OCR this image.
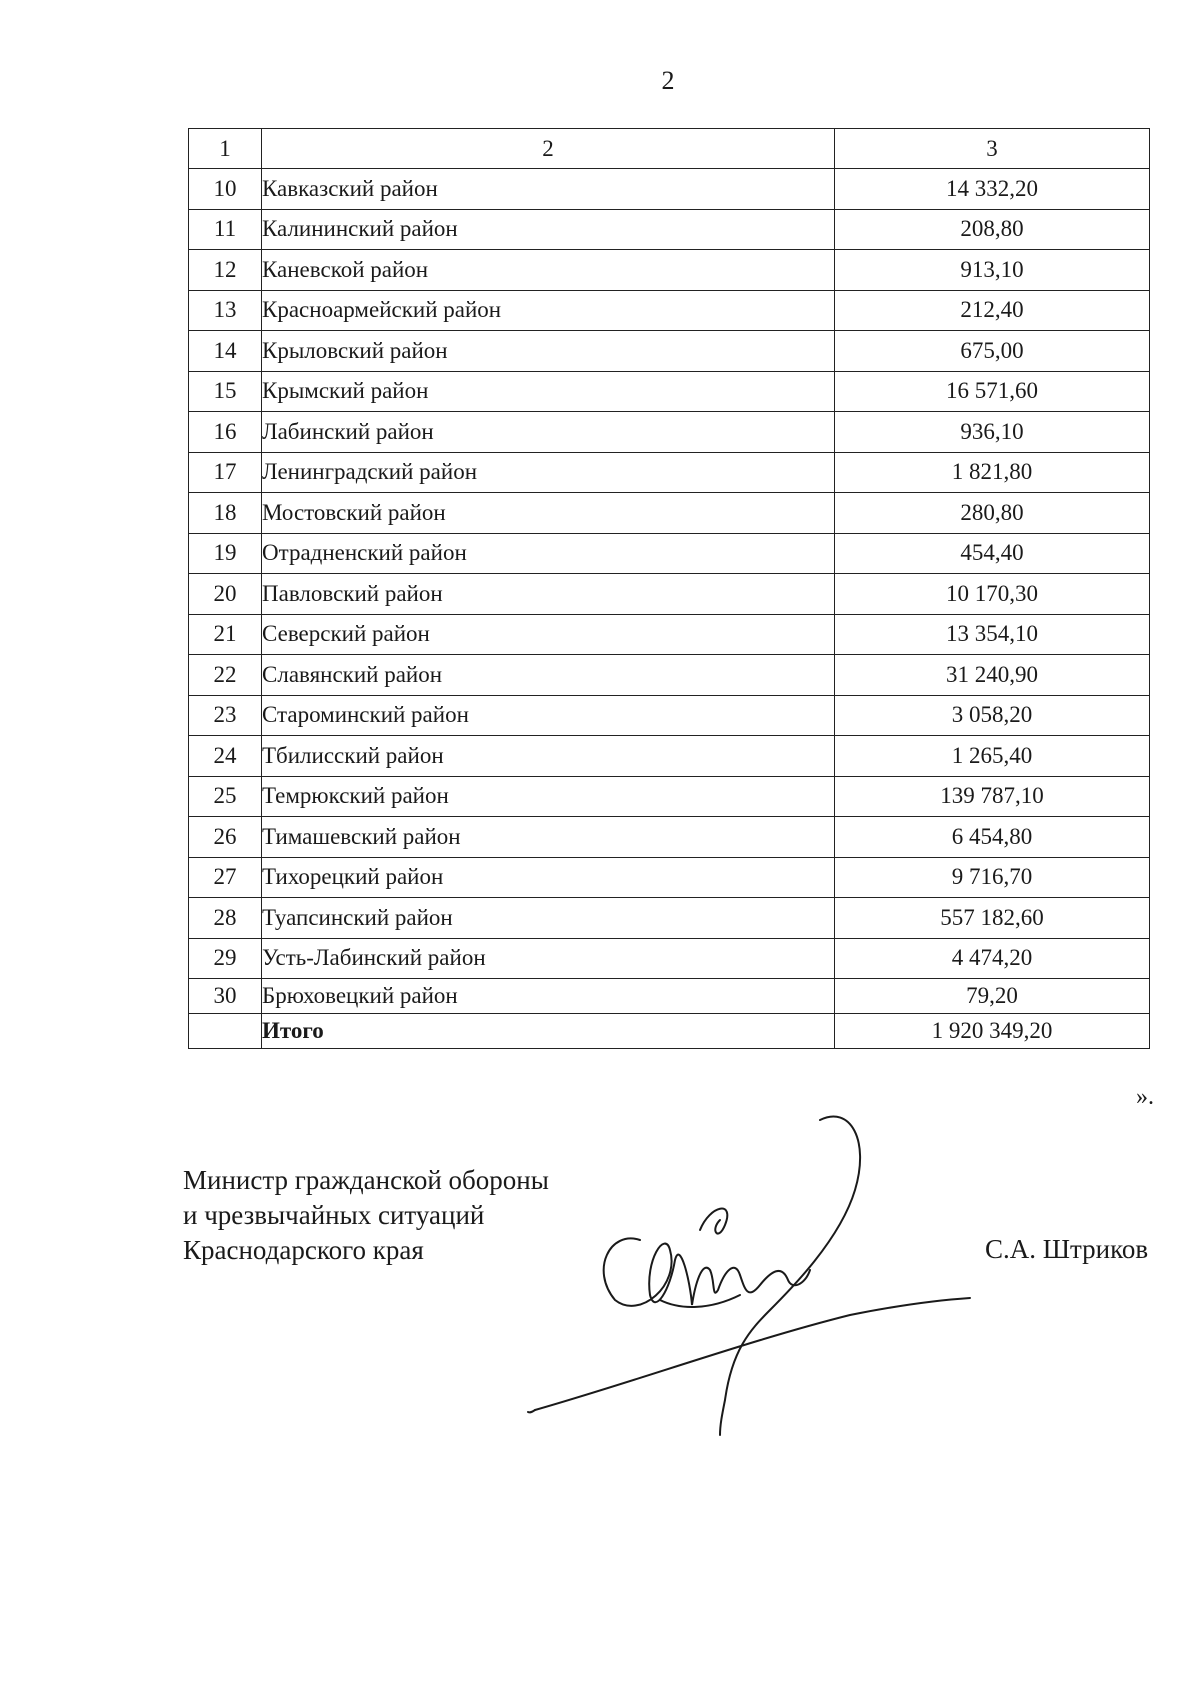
2
1	2	3
10	Кавказский район	14 332,20
11	Калининский район	208,80
12	Каневской район	913,10
13	Красноармейский район	212,40
14	Крыловский район	675,00
15	Крымский район	16 571,60
16	Лабинский район	936,10
17	Ленинградский район	1 821,80
18	Мостовский район	280,80
19	Отрадненский район	454,40
20	Павловский район	10 170,30
21	Северский район	13 354,10
22	Славянский район	31 240,90
23	Староминский район	3 058,20
24	Тбилисский район	1 265,40
25	Темрюкский район	139 787,10
26	Тимашевский район	6 454,80
27	Тихорецкий район	9 716,70
28	Туапсинский район	557 182,60
29	Усть-Лабинский район	4 474,20
30	Брюховецкий район	79,20
	Итого	1 920 349,20
».
Министр гражданской обороны
и чрезвычайных ситуаций
Краснодарского края	С.А. Штриков
